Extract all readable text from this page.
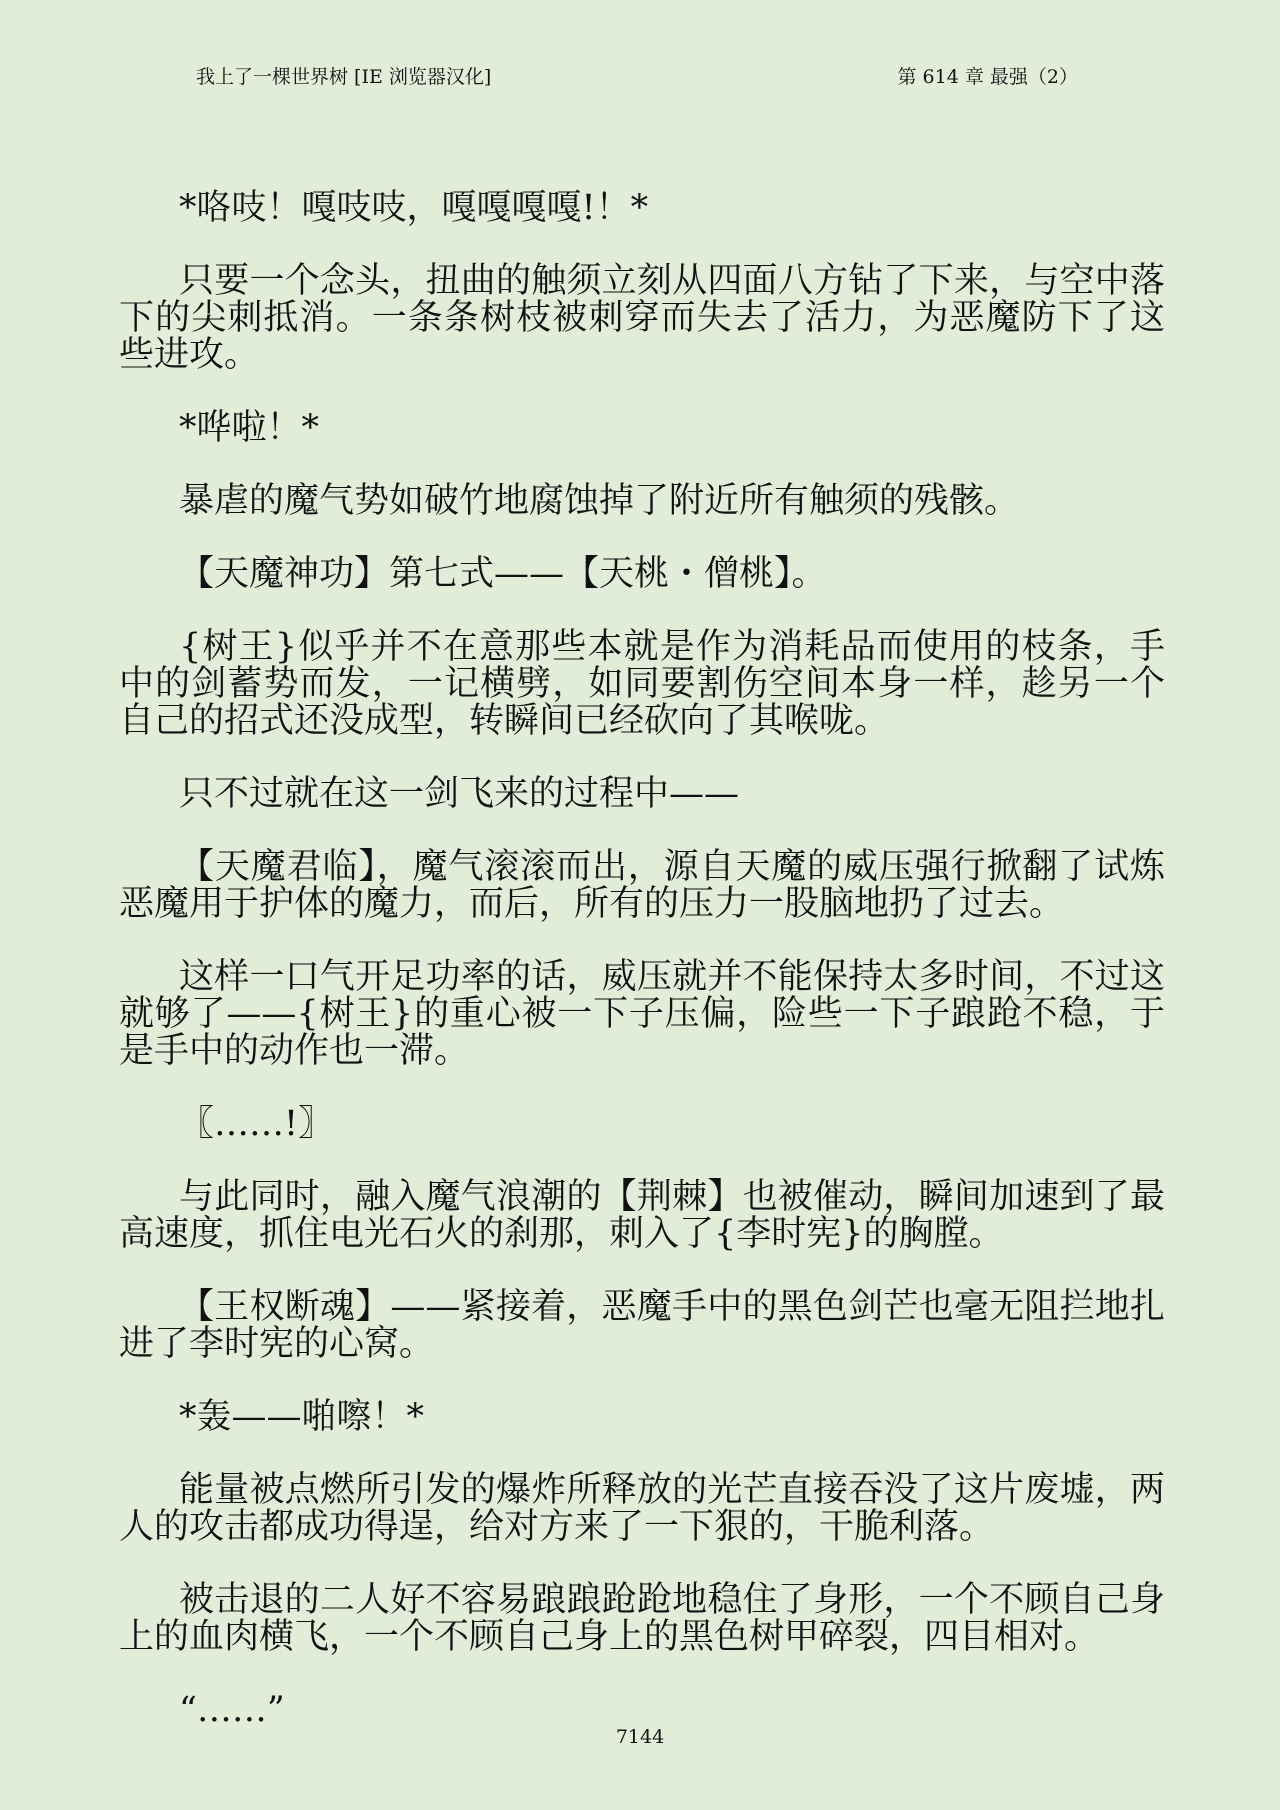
我上了一棵世界树 [IE 浏览器汉化]	第 614 章 最强（2）

*咯吱！嘎吱吱，嘎嘎嘎嘎!！*

只要一个念头，扭曲的触须立刻从四面八方钻了下来，与空中落下的尖刺抵消。一条条树枝被刺穿而失去了活力，为恶魔防下了这些进攻。

*哗啦！*

暴虐的魔气势如破竹地腐蚀掉了附近所有触须的残骸。

【天魔神功】第七式——【天桃・僧桃】。

{树王}似乎并不在意那些本就是作为消耗品而使用的枝条，手中的剑蓄势而发，一记横劈，如同要割伤空间本身一样，趁另一个自己的招式还没成型，转瞬间已经砍向了其喉咙。

只不过就在这一剑飞来的过程中——

【天魔君临】，魔气滚滚而出，源自天魔的威压强行掀翻了试炼恶魔用于护体的魔力，而后，所有的压力一股脑地扔了过去。

这样一口气开足功率的话，威压就并不能保持太多时间，不过这就够了——{树王}的重心被一下子压偏，险些一下子踉跄不稳，于是手中的动作也一滞。

〖……!〗

与此同时，融入魔气浪潮的【荆棘】也被催动，瞬间加速到了最高速度，抓住电光石火的刹那，刺入了{李时宪}的胸膛。

【王权断魂】——紧接着，恶魔手中的黑色剑芒也毫无阻拦地扎进了李时宪的心窝。

*轰——啪嚓！*

能量被点燃所引发的爆炸所释放的光芒直接吞没了这片废墟，两人的攻击都成功得逞，给对方来了一下狠的，干脆利落。

被击退的二人好不容易踉踉跄跄地稳住了身形，一个不顾自己身上的血肉横飞，一个不顾自己身上的黑色树甲碎裂，四目相对。

“……”

7144
